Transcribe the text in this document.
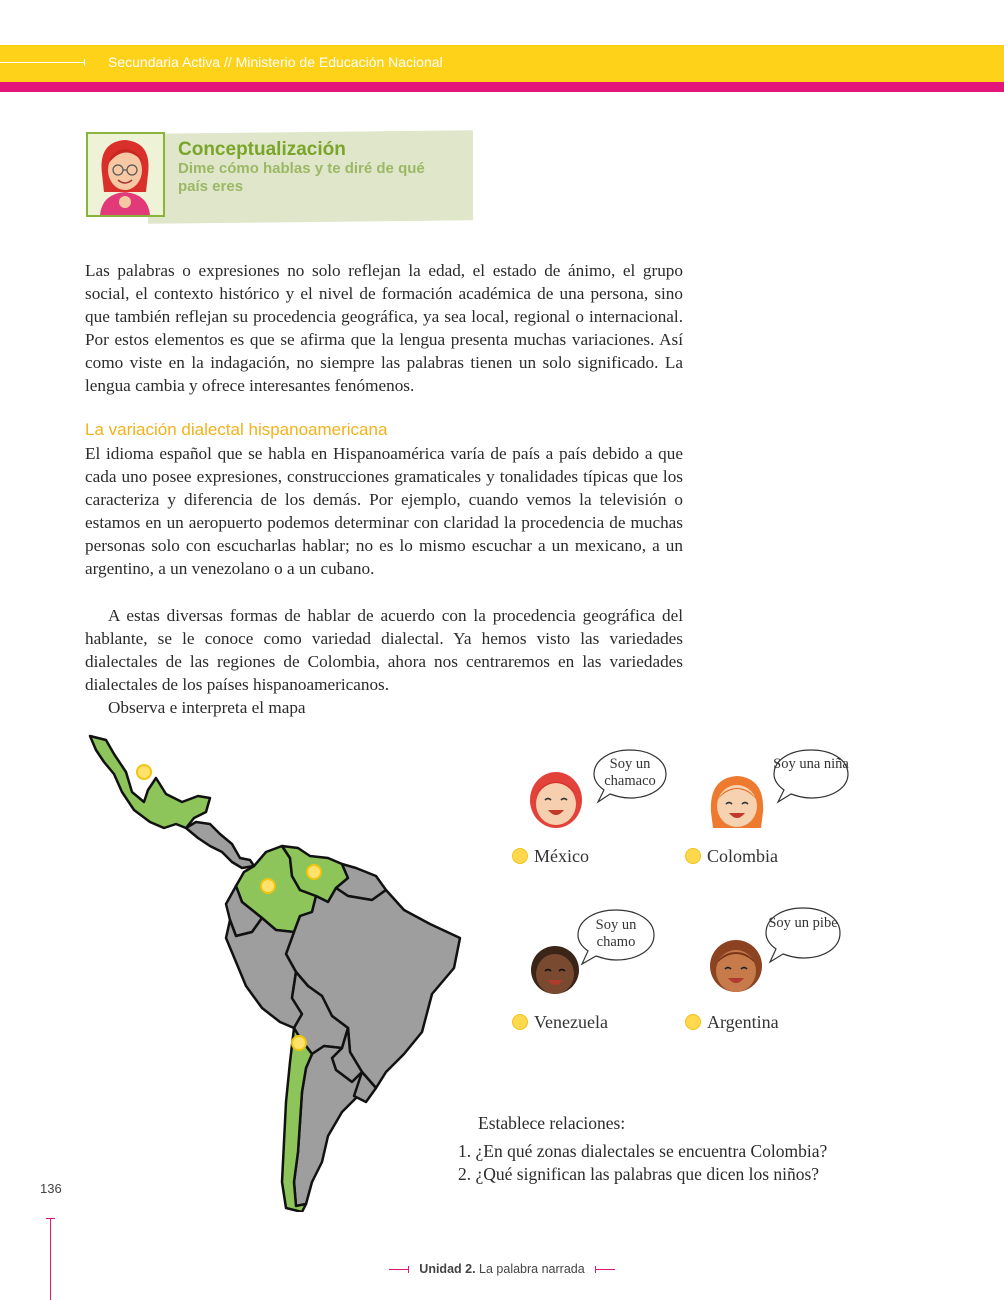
Secundaria Activa // Ministerio de Educación Nacional
Conceptualización
Dime cómo hablas y te diré de qué país eres
Las palabras o expresiones no solo reflejan la edad, el estado de ánimo, el grupo social, el contexto histórico y el nivel de formación académica de una persona, sino que también reflejan su procedencia geográfica, ya sea local, regional o internacional. Por estos elementos es que se afirma que la lengua presenta muchas variaciones. Así como viste en la indagación, no siempre las palabras tienen un solo significado. La lengua cambia y ofrece interesantes fenómenos.
La variación dialectal hispanoamericana
El idioma español que se habla en Hispanoamérica varía de país a país debido a que cada uno posee expresiones, construcciones gramaticales y tonalidades típicas que los caracteriza y diferencia de los demás. Por ejemplo, cuando vemos la televisión o estamos en un aeropuerto podemos determinar con claridad la procedencia de muchas personas solo con escucharlas hablar; no es lo mismo escuchar a un mexicano, a un argentino, a un venezolano o a un cubano.
A estas diversas formas de hablar de acuerdo con la procedencia geográfica del hablante, se le conoce como variedad dialectal. Ya hemos visto las variedades dialectales de las regiones de Colombia, ahora nos centraremos en las variedades dialectales de los países hispanoamericanos.
Observa e interpreta el mapa
Soy un chamaco
México
Soy una niña
Colombia
Soy un chamo
Venezuela
Soy un pibe
Argentina
Establece relaciones:
1. ¿En qué zonas dialectales se encuentra Colombia?
2. ¿Qué significan las palabras que dicen los niños?
136
Unidad 2. La palabra narrada
